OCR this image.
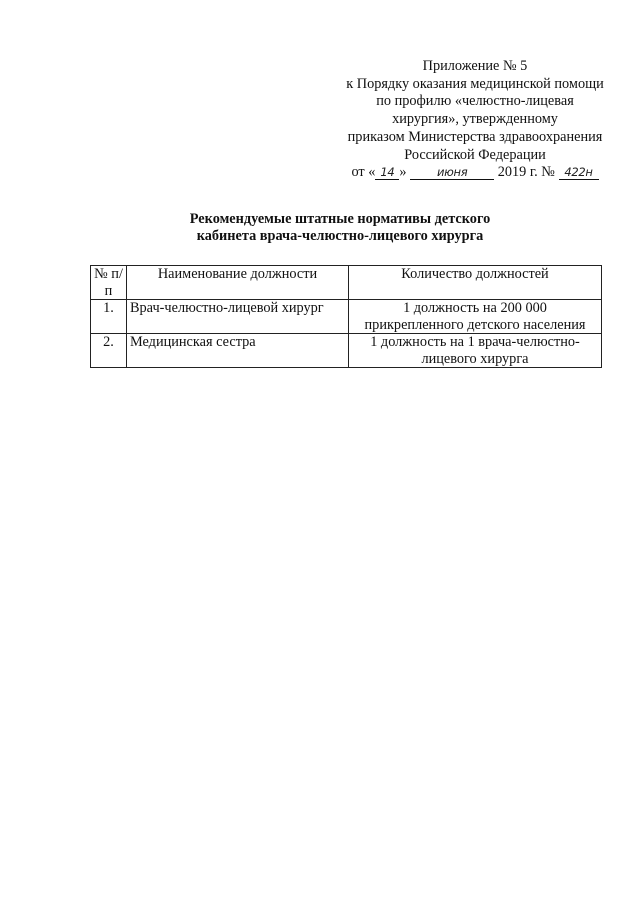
Приложение № 5
к Порядку оказания медицинской помощи
по профилю «челюстно-лицевая
хирургия», утвержденному
приказом Министерства здравоохранения
Российской Федерации
от « 14 »	июня 2019 г. № 422н
Рекомендуемые штатные нормативы детского
кабинета врача-челюстно-лицевого хирурга
№ п/п	Наименование должности	Количество должностей
1.	Врач-челюстно-лицевой хирург	1 должность на 200 000 прикрепленного детского населения
2.	Медицинская сестра	1 должность на 1 врача-челюстно-лицевого хирурга
